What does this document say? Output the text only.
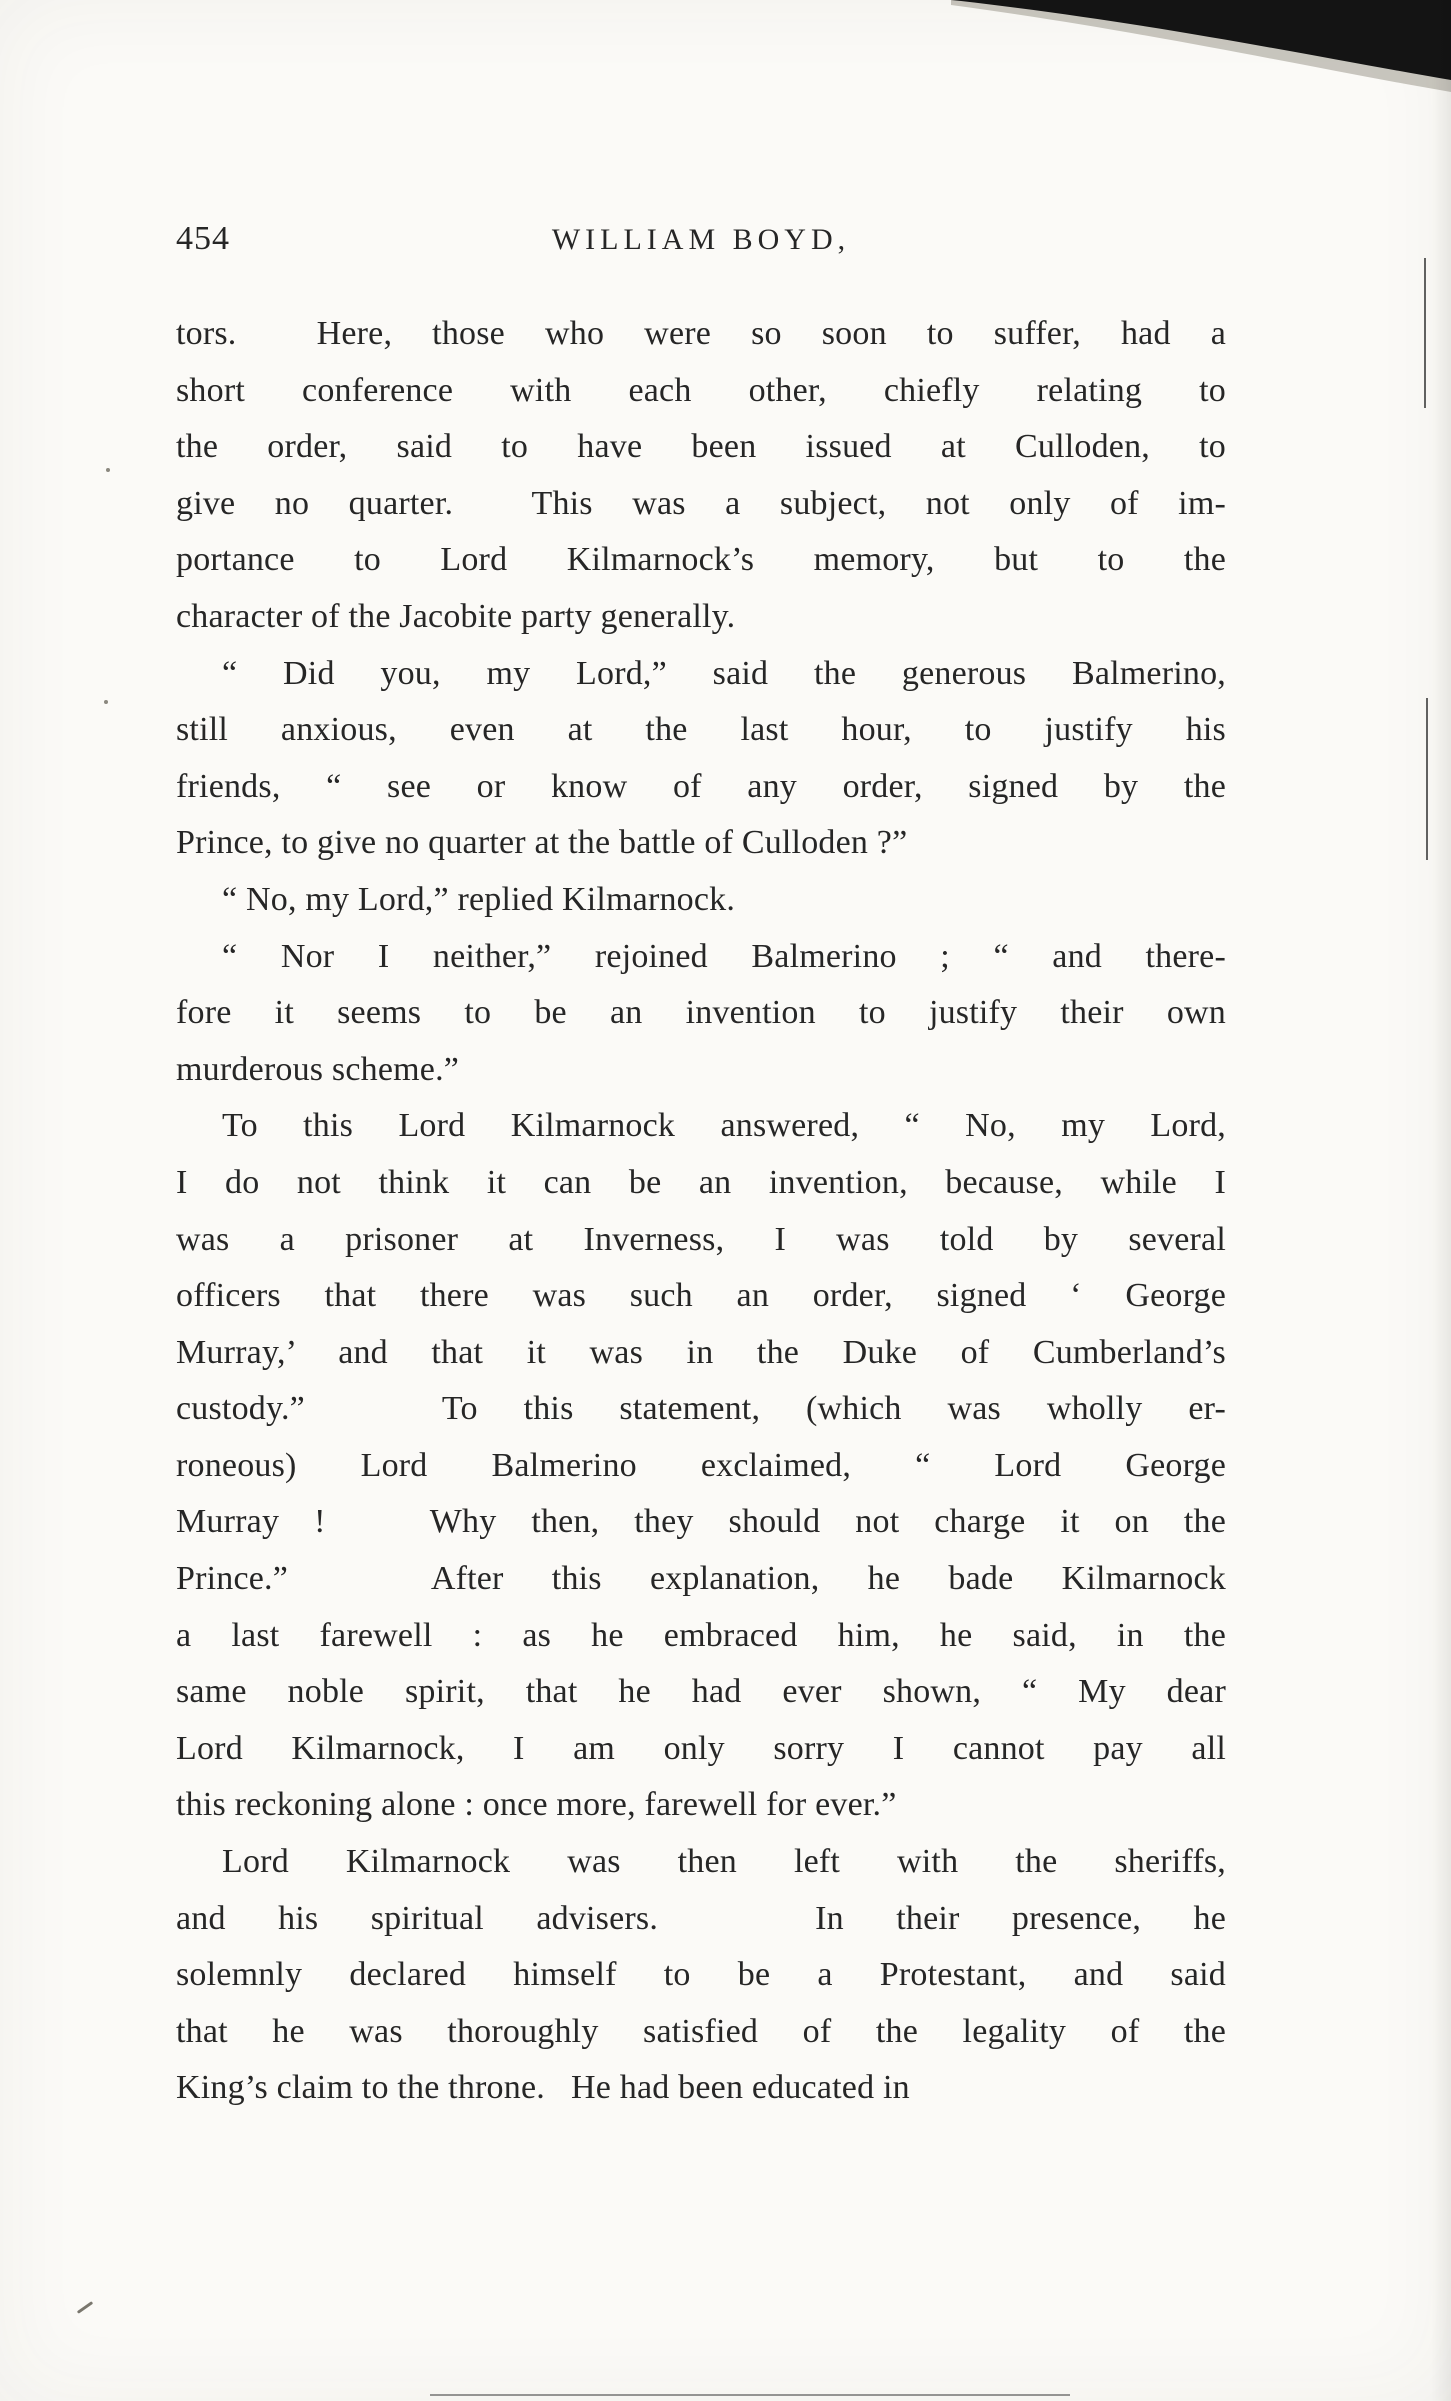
454	WILLIAM BOYD,

tors.  Here, those who were so soon to suffer, had a
short conference with each other, chiefly relating to
the order, said to have been issued at Culloden, to
give no quarter.  This was a subject, not only of im-
portance to Lord Kilmarnock’s memory, but to the
character of the Jacobite party generally.

“ Did you, my Lord,” said the generous Balmerino,
still anxious, even at the last hour, to justify his
friends, “ see or know of any order, signed by the
Prince, to give no quarter at the battle of Culloden ?”

“ No, my Lord,” replied Kilmarnock.

“ Nor I neither,” rejoined Balmerino ; “ and there-
fore it seems to be an invention to justify their own
murderous scheme.”

To this Lord Kilmarnock answered, “ No, my Lord,
I do not think it can be an invention, because, while I
was a prisoner at Inverness, I was told by several
officers that there was such an order, signed ‘ George
Murray,’ and that it was in the Duke of Cumberland’s
custody.”   To this statement, (which was wholly er-
roneous) Lord Balmerino exclaimed, “ Lord George
Murray !   Why then, they should not charge it on the
Prince.”   After this explanation, he bade Kilmarnock
a last farewell : as he embraced him, he said, in the
same noble spirit, that he had ever shown, “ My dear
Lord Kilmarnock, I am only sorry I cannot pay all
this reckoning alone : once more, farewell for ever.”

Lord Kilmarnock was then left with the sheriffs,
and his spiritual advisers.   In their presence, he
solemnly declared himself to be a Protestant, and said
that he was thoroughly satisfied of the legality of the
King’s claim to the throne.   He had been educated in
